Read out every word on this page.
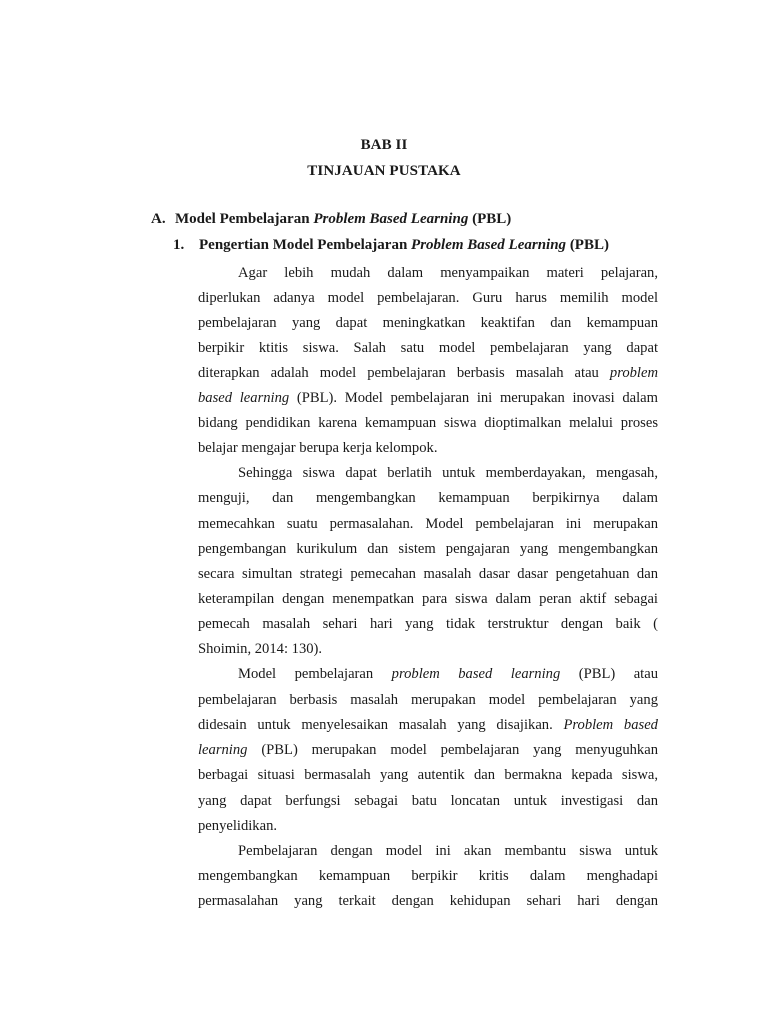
BAB II
TINJAUAN PUSTAKA
A. Model Pembelajaran Problem Based Learning (PBL)
1. Pengertian Model Pembelajaran Problem Based Learning (PBL)
Agar lebih mudah dalam menyampaikan materi pelajaran,
diperlukan adanya model pembelajaran. Guru harus memilih model
pembelajaran yang dapat meningkatkan keaktifan dan kemampuan
berpikir ktitis siswa. Salah satu model pembelajaran yang dapat
diterapkan adalah model pembelajaran berbasis masalah atau problem
based learning (PBL). Model pembelajaran ini merupakan inovasi dalam
bidang pendidikan karena kemampuan siswa dioptimalkan melalui proses
belajar mengajar berupa kerja kelompok.
Sehingga siswa dapat berlatih untuk memberdayakan, mengasah,
menguji, dan mengembangkan kemampuan berpikirnya dalam
memecahkan suatu permasalahan. Model pembelajaran ini merupakan
pengembangan kurikulum dan sistem pengajaran yang mengembangkan
secara simultan strategi pemecahan masalah dasar dasar pengetahuan dan
keterampilan dengan menempatkan para siswa dalam peran aktif sebagai
pemecah masalah sehari hari yang tidak terstruktur dengan baik (
Shoimin, 2014: 130).
Model pembelajaran problem based learning (PBL) atau
pembelajaran berbasis masalah merupakan model pembelajaran yang
didesain untuk menyelesaikan masalah yang disajikan. Problem based
learning (PBL) merupakan model pembelajaran yang menyuguhkan
berbagai situasi bermasalah yang autentik dan bermakna kepada siswa,
yang dapat berfungsi sebagai batu loncatan untuk investigasi dan
penyelidikan.
Pembelajaran dengan model ini akan membantu siswa untuk
mengembangkan kemampuan berpikir kritis dalam menghadapi
permasalahan yang terkait dengan kehidupan sehari hari dengan
